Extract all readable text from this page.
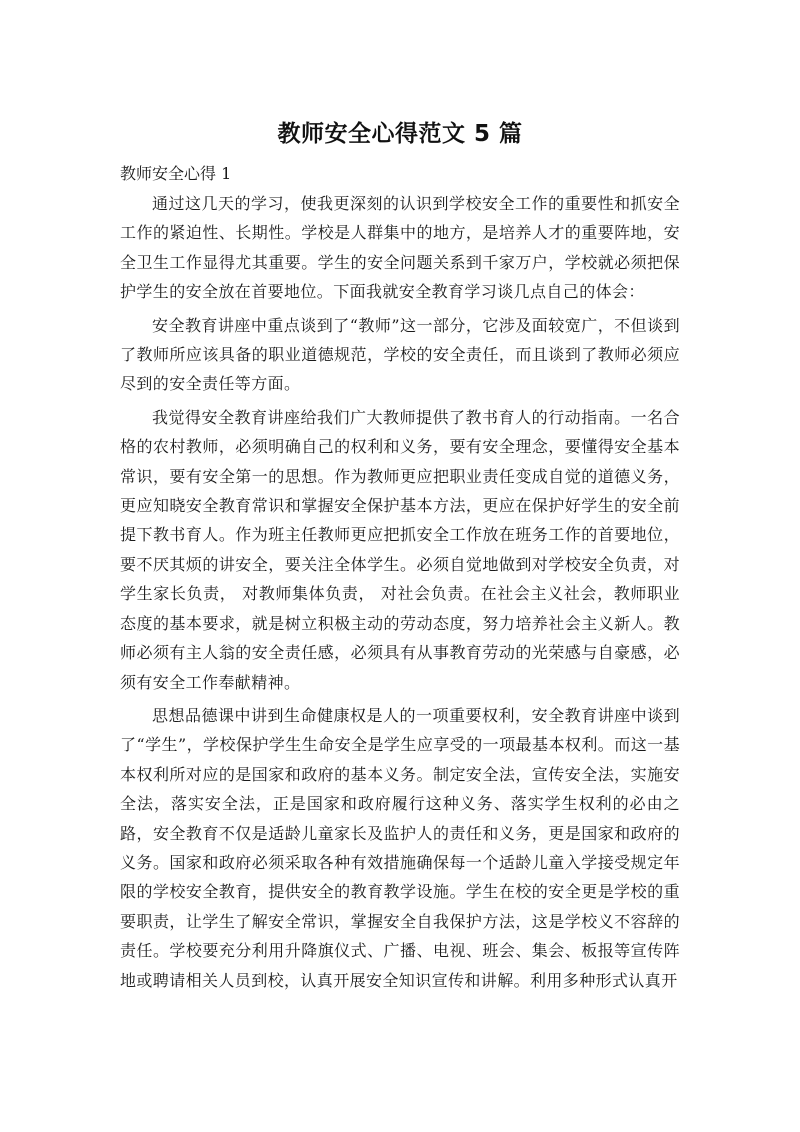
教师安全心得范文 5 篇
教师安全心得 1

通过这几天的学习，使我更深刻的认识到学校安全工作的重要性和抓安全工作的紧迫性、长期性。学校是人群集中的地方，是培养人才的重要阵地，安全卫生工作显得尤其重要。学生的安全问题关系到千家万户，学校就必须把保护学生的安全放在首要地位。下面我就安全教育学习谈几点自己的体会：

安全教育讲座中重点谈到了“教师”这一部分，它涉及面较宽广，不但谈到了教师所应该具备的职业道德规范，学校的安全责任，而且谈到了教师必须应尽到的安全责任等方面。

我觉得安全教育讲座给我们广大教师提供了教书育人的行动指南。一名合格的农村教师，必须明确自己的权利和义务，要有安全理念，要懂得安全基本常识，要有安全第一的思想。作为教师更应把职业责任变成自觉的道德义务，更应知晓安全教育常识和掌握安全保护基本方法，更应在保护好学生的安全前提下教书育人。作为班主任教师更应把抓安全工作放在班务工作的首要地位，要不厌其烦的讲安全，要关注全体学生。必须自觉地做到对学校安全负责，对学生家长负责， 对教师集体负责， 对社会负责。在社会主义社会，教师职业态度的基本要求，就是树立积极主动的劳动态度，努力培养社会主义新人。教师必须有主人翁的安全责任感，必须具有从事教育劳动的光荣感与自豪感，必须有安全工作奉献精神。

思想品德课中讲到生命健康权是人的一项重要权利，安全教育讲座中谈到了“学生”，学校保护学生生命安全是学生应享受的一项最基本权利。而这一基本权利所对应的是国家和政府的基本义务。制定安全法，宣传安全法，实施安全法，落实安全法，正是国家和政府履行这种义务、落实学生权利的必由之路，安全教育不仅是适龄儿童家长及监护人的责任和义务，更是国家和政府的义务。国家和政府必须采取各种有效措施确保每一个适龄儿童入学接受规定年限的学校安全教育，提供安全的教育教学设施。学生在校的安全更是学校的重要职责，让学生了解安全常识，掌握安全自我保护方法，这是学校义不容辞的责任。学校要充分利用升降旗仪式、广播、电视、班会、集会、板报等宣传阵地或聘请相关人员到校，认真开展安全知识宣传和讲解。利用多种形式认真开
